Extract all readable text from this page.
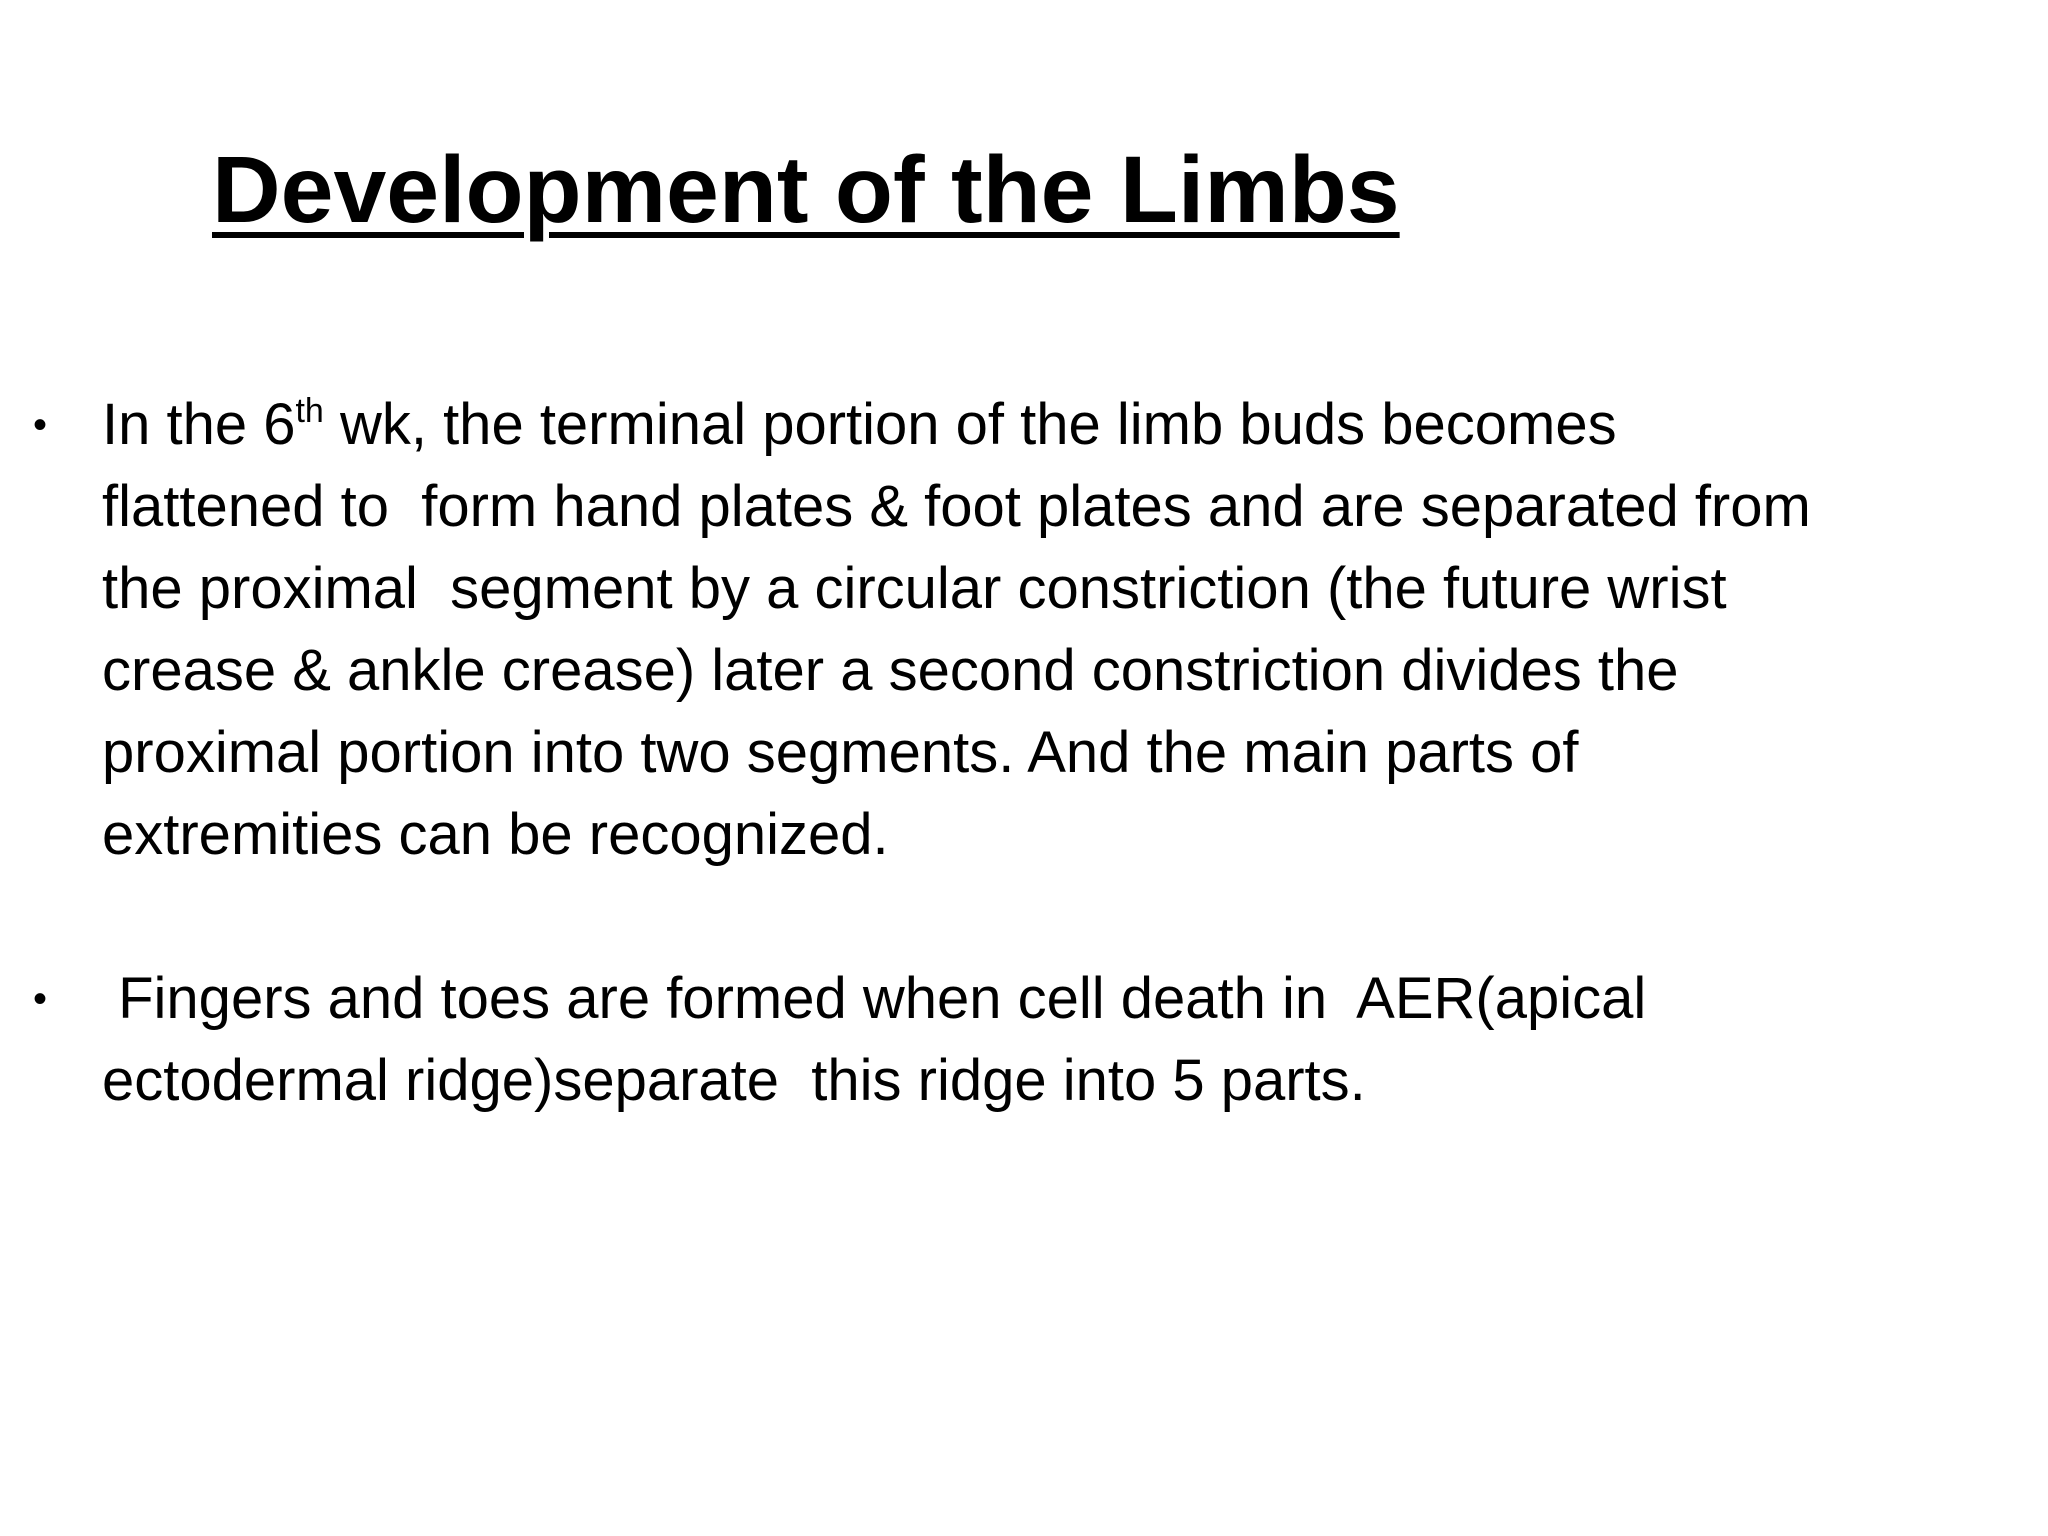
Development of the Limbs
• In the 6th wk, the terminal portion of the limb buds becomes
flattened to  form hand plates & foot plates and are separated from
the proximal  segment by a circular constriction (the future wrist
crease & ankle crease) later a second constriction divides the
proximal portion into two segments. And the main parts of
extremities can be recognized.
• Fingers and toes are formed when cell death in  AER(apical
ectodermal ridge)separate  this ridge into 5 parts.
